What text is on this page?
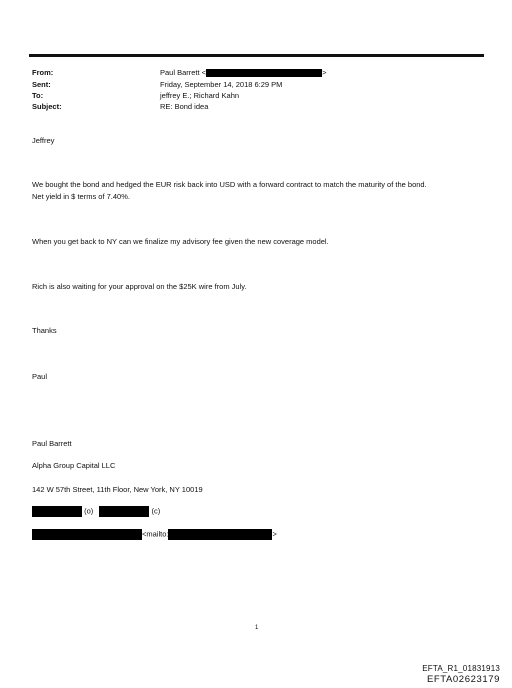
From:	Paul Barrett <	>
Sent:	Friday, September 14, 2018 6:29 PM
To:	jeffrey E.; Richard Kahn
Subject:	RE: Bond idea
Jeffrey
We bought the bond and hedged the EUR risk back into USD with a forward contract to match the maturity of the bond.
Net yield in $ terms of 7.40%.
When you get back to NY can we finalize my advisory fee given the new coverage model.
Rich is also waiting for your approval on the $25K wire from July.
Thanks
Paul
Paul Barrett
Alpha Group Capital LLC
142 W 57th Street, 11th Floor, New York, NY 10019
(o)	(c)
<mailto:	>
1
EFTA_R1_01831913
EFTA02623179
